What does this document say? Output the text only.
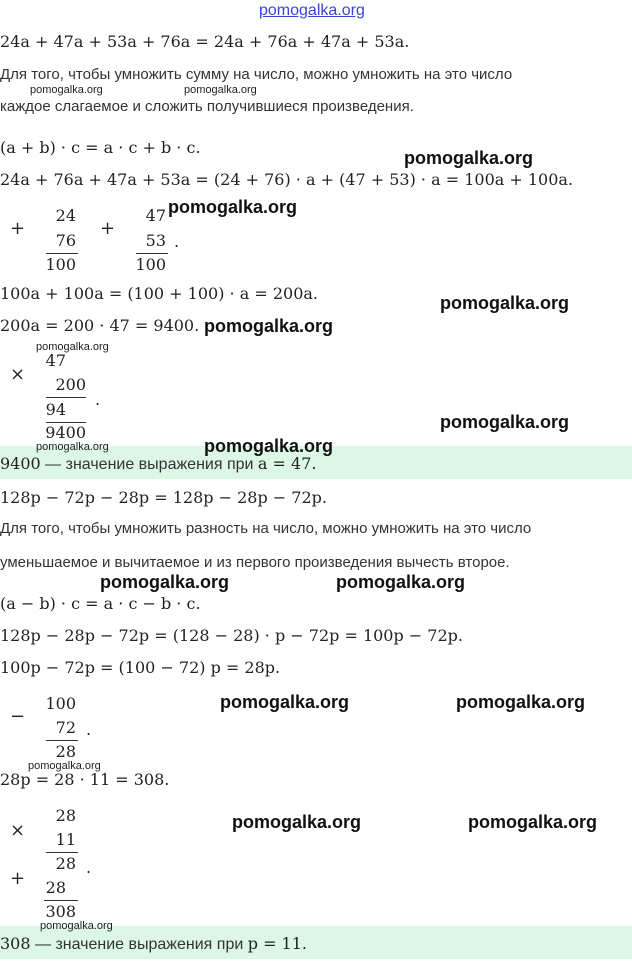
pomogalka.org
24a + 47a + 53a + 76a = 24a + 76a + 47a + 53a.
Для того, чтобы умножить сумму на число, можно умножить на это число
каждое слагаемое и сложить получившиеся произведения.
(a + b) · c = a · c + b · c.
24a + 76a + 47a + 53a = (24 + 76) · a + (47 + 53) · a = 100a + 100a.
+
24
76
100
+
47
53
100
.
100a + 100a = (100 + 100) · a = 200a.
200a = 200 · 47 = 9400.
×
47
200
94
.
9400
9400 — значение выражения при a = 47.
128p − 72p − 28p = 128p − 28p − 72p.
Для того, чтобы умножить разность на число, можно умножить на это число
уменьшаемое и вычитаемое и из первого произведения вычесть второе.
(a − b) · c = a · c − b · c.
128p − 28p − 72p = (128 − 28) · p − 72p = 100p − 72p.
100p − 72p = (100 − 72) p = 28p.
−
100
72
28
.
28p = 28 · 11 = 308.
×
28
11
28 .
+	28
308
308 — значение выражения при p = 11.
pomogalka.org	pomogalka.org
pomogalka.org
pomogalka.org
pomogalka.org
pomogalka.org
pomogalka.org
pomogalka.org
pomogalka.org
pomogalka.org
pomogalka.org	pomogalka.org
pomogalka.org	pomogalka.org
pomogalka.org
pomogalka.org	pomogalka.org
pomogalka.org
